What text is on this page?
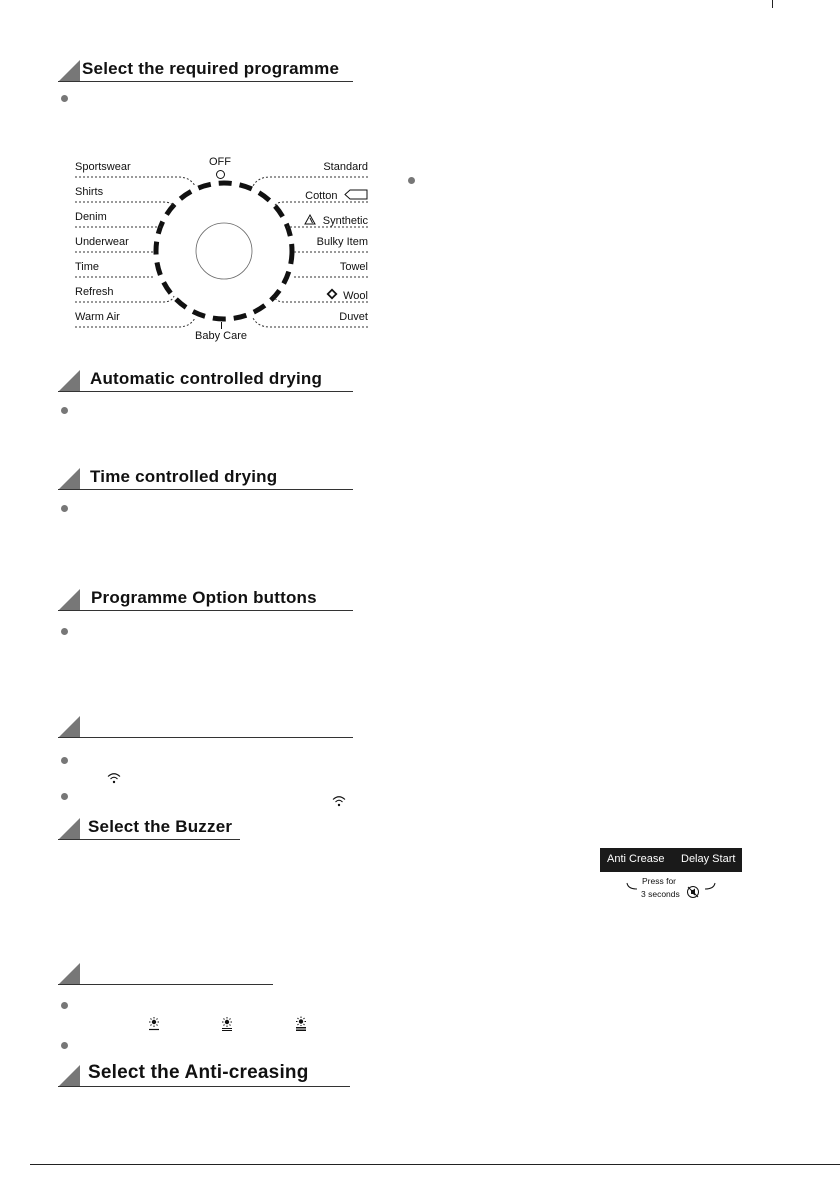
Select the required programme
OFF
Baby Care
Sportswear
Shirts
Denim
Underwear
Time
Refresh
Warm Air
Standard
Cotton
Synthetic
Bulky Item
Towel
Wool
Duvet
Automatic controlled drying
Time controlled drying
Programme Option buttons
Select the Buzzer
Anti Crease Delay Start
Press for
3 seconds
Select the Anti-creasing
